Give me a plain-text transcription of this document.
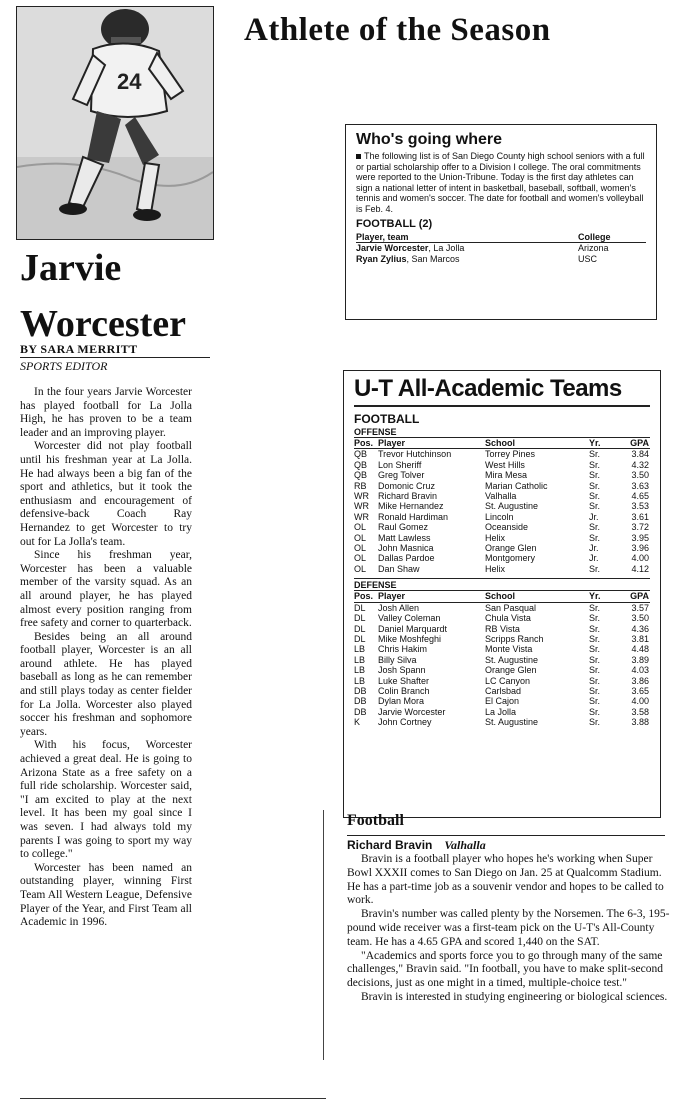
24
Athlete of the Season
Jarvie
Worcester
BY SARA MERRITT
SPORTS EDITOR

In the four years Jarvie Worcester has played football for La Jolla High, he has proven to be a team leader and an improving player.

Worcester did not play football until his freshman year at La Jolla. He had always been a big fan of the sport and athletics, but it took the enthusiasm and encouragement of defensive-back Coach Ray Hernandez to get Worcester to try out for La Jolla's team.

Since his freshman year, Worcester has been a valuable member of the varsity squad. As an all around player, he has played almost every position ranging from free safety and corner to quarterback.

Besides being an all around football player, Worcester is an all around athlete. He has played baseball as long as he can remember and still plays today as center fielder for La Jolla. Worcester also played soccer his freshman and sophomore years.

With his focus, Worcester achieved a great deal. He is going to Arizona State as a free safety on a full ride scholarship. Worcester said, "I am excited to play at the next level. It has been my goal since I was seven. I had always told my parents I was going to sport my way to college."

Worcester has been named an outstanding player, winning First Team All Western League, Defensive Player of the Year, and First Team all Academic in 1996.

Who's going where
The following list is of San Diego County high school seniors with a full or partial scholarship offer to a Division I college. The oral commitments were reported to the Union-Tribune. Today is the first day athletes can sign a national letter of intent in basketball, baseball, softball, women's tennis and women's soccer. The date for football and women's volleyball is Feb. 4.
FOOTBALL (2)
Player, team	College
Jarvie Worcester, La Jolla	Arizona
Ryan Zylius, San Marcos	USC
U-T All-Academic Teams
FOOTBALL
OFFENSE
Pos. Player	School	Yr.	GPA
QB	Trevor Hutchinson	Torrey Pines	Sr.	3.84
QB	Lon Sheriff	West Hills	Sr.	4.32
QB	Greg Tolver	Mira Mesa	Sr.	3.50
RB	Domonic Cruz	Marian Catholic	Sr.	3.63
WR	Richard Bravin	Valhalla	Sr.	4.65
WR	Mike Hernandez	St. Augustine	Sr.	3.53
WR	Ronald Hardiman	Lincoln	Jr.	3.61
OL	Raul Gomez	Oceanside	Sr.	3.72
OL	Matt Lawless	Helix	Sr.	3.95
OL	John Masnica	Orange Glen	Jr.	3.96
OL	Dallas Pardoe	Montgomery	Jr.	4.00
OL	Dan Shaw	Helix	Sr.	4.12
DEFENSE
Pos. Player	School	Yr.	GPA
DL	Josh Allen	San Pasqual	Sr.	3.57
DL	Valley Coleman	Chula Vista	Sr.	3.50
DL	Daniel Marquardt	RB Vista	Sr.	4.36
DL	Mike Moshfeghi	Scripps Ranch	Sr.	3.81
LB	Chris Hakim	Monte Vista	Sr.	4.48
LB	Billy Silva	St. Augustine	Sr.	3.89
LB	Josh Spann	Orange Glen	Sr.	4.03
LB	Luke Shafter	LC Canyon	Sr.	3.86
DB	Colin Branch	Carlsbad	Sr.	3.65
DB	Dylan Mora	El Cajon	Sr.	4.00
DB	Jarvie Worcester	La Jolla	Sr.	3.58
K	John Cortney	St. Augustine	Sr.	3.88
Football
Richard Bravin Valhalla

Bravin is a football player who hopes he's working when Super Bowl XXXII comes to San Diego on Jan. 25 at Qualcomm Stadium. He has a part-time job as a souvenir vendor and hopes to be called to work.

Bravin's number was called plenty by the Norsemen. The 6-3, 195-pound wide receiver was a first-team pick on the U-T's All-County team. He has a 4.65 GPA and scored 1,440 on the SAT.

"Academics and sports force you to go through many of the same challenges," Bravin said. "In football, you have to make split-second decisions, just as one might in a timed, multiple-choice test."

Bravin is interested in studying engineering or biological sciences.
